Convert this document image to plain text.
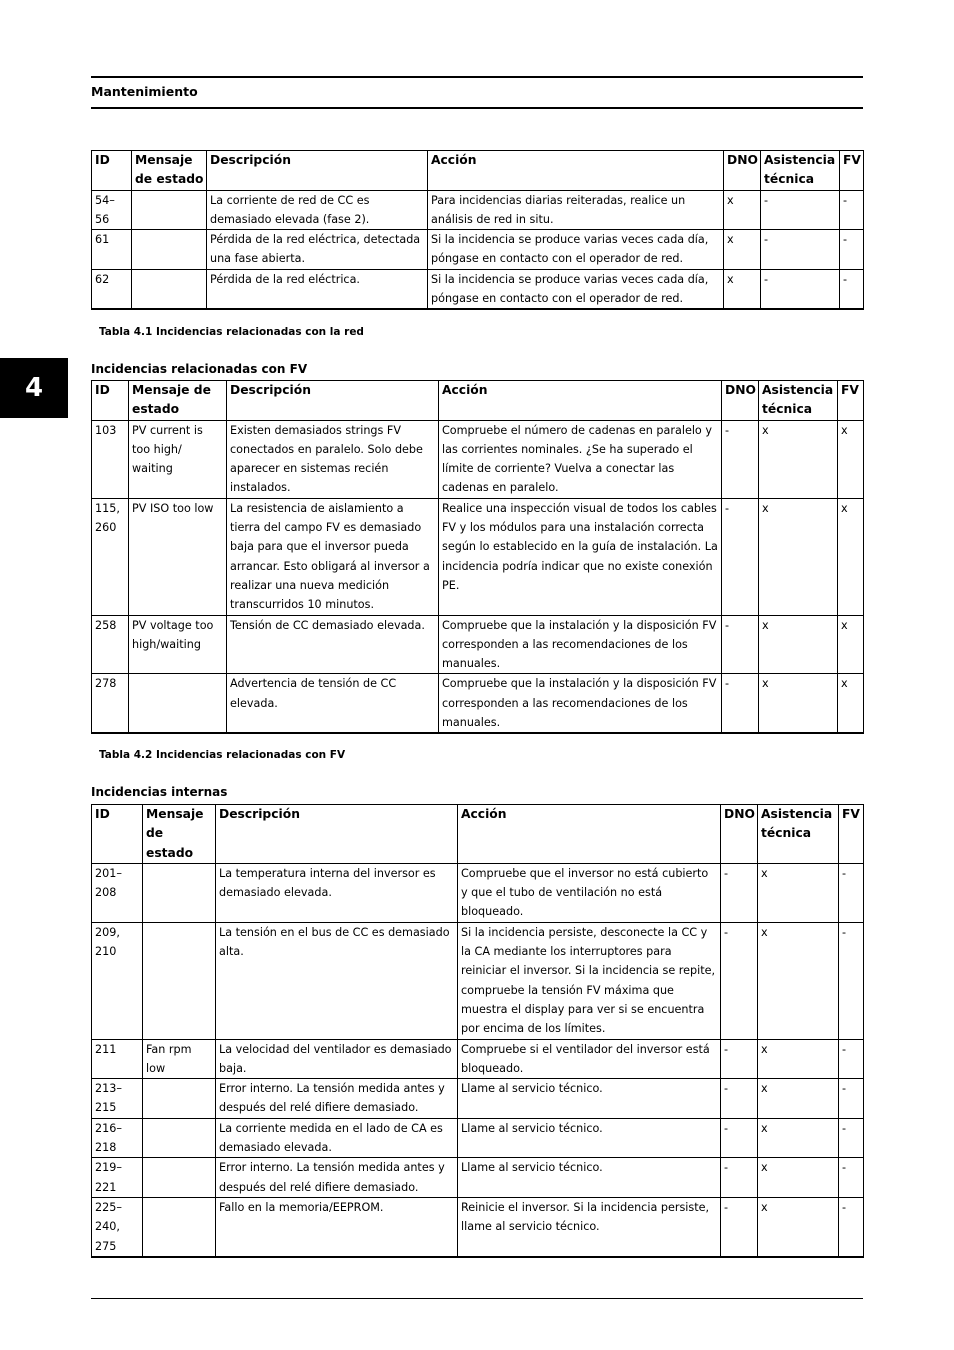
Mantenimiento
4
ID	Mensaje de estado	Descripción	Acción	DNO	Asistencia técnica	FV
54–56		La corriente de red de CC es demasiado elevada (fase 2).	Para incidencias diarias reiteradas, realice un análisis de red in situ.	x	-	-
61		Pérdida de la red eléctrica, detectada una fase abierta.	Si la incidencia se produce varias veces cada día, póngase en contacto con el operador de red.	x	-	-
62		Pérdida de la red eléctrica.	Si la incidencia se produce varias veces cada día, póngase en contacto con el operador de red.	x	-	-
Tabla 4.1 Incidencias relacionadas con la red
Incidencias relacionadas con FV
ID	Mensaje de estado	Descripción	Acción	DNO	Asistencia técnica	FV
103	PV current is too high/ waiting	Existen demasiados strings FV conectados en paralelo. Solo debe aparecer en sistemas recién instalados.	Compruebe el número de cadenas en paralelo y las corrientes nominales. ¿Se ha superado el límite de corriente? Vuelva a conectar las cadenas en paralelo.	-	x	x
115, 260	PV ISO too low	La resistencia de aislamiento a tierra del campo FV es demasiado baja para que el inversor pueda arrancar. Esto obligará al inversor a realizar una nueva medición transcurridos 10 minutos.	Realice una inspección visual de todos los cables FV y los módulos para una instalación correcta según lo establecido en la guía de instalación. La incidencia podría indicar que no existe conexión PE.	-	x	x
258	PV voltage too high/waiting	Tensión de CC demasiado elevada.	Compruebe que la instalación y la disposición FV corresponden a las recomendaciones de los manuales.	-	x	x
278		Advertencia de tensión de CC elevada.	Compruebe que la instalación y la disposición FV corresponden a las recomendaciones de los manuales.	-	x	x
Tabla 4.2 Incidencias relacionadas con FV
Incidencias internas
ID	Mensaje de estado	Descripción	Acción	DNO	Asistencia técnica	FV
201–208		La temperatura interna del inversor es demasiado elevada.	Compruebe que el inversor no está cubierto y que el tubo de ventilación no está bloqueado.	-	x	-
209, 210		La tensión en el bus de CC es demasiado alta.	Si la incidencia persiste, desconecte la CC y la CA mediante los interruptores para reiniciar el inversor. Si la incidencia se repite, compruebe la tensión FV máxima que muestra el display para ver si se encuentra por encima de los límites.	-	x	-
211	Fan rpm low	La velocidad del ventilador es demasiado baja.	Compruebe si el ventilador del inversor está bloqueado.	-	x	-
213–215		Error interno. La tensión medida antes y después del relé difiere demasiado.	Llame al servicio técnico.	-	x	-
216–218		La corriente medida en el lado de CA es demasiado elevada.	Llame al servicio técnico.	-	x	-
219–221		Error interno. La tensión medida antes y después del relé difiere demasiado.	Llame al servicio técnico.	-	x	-
225–240, 275		Fallo en la memoria/EEPROM.	Reinicie el inversor. Si la incidencia persiste, llame al servicio técnico.	-	x	-
